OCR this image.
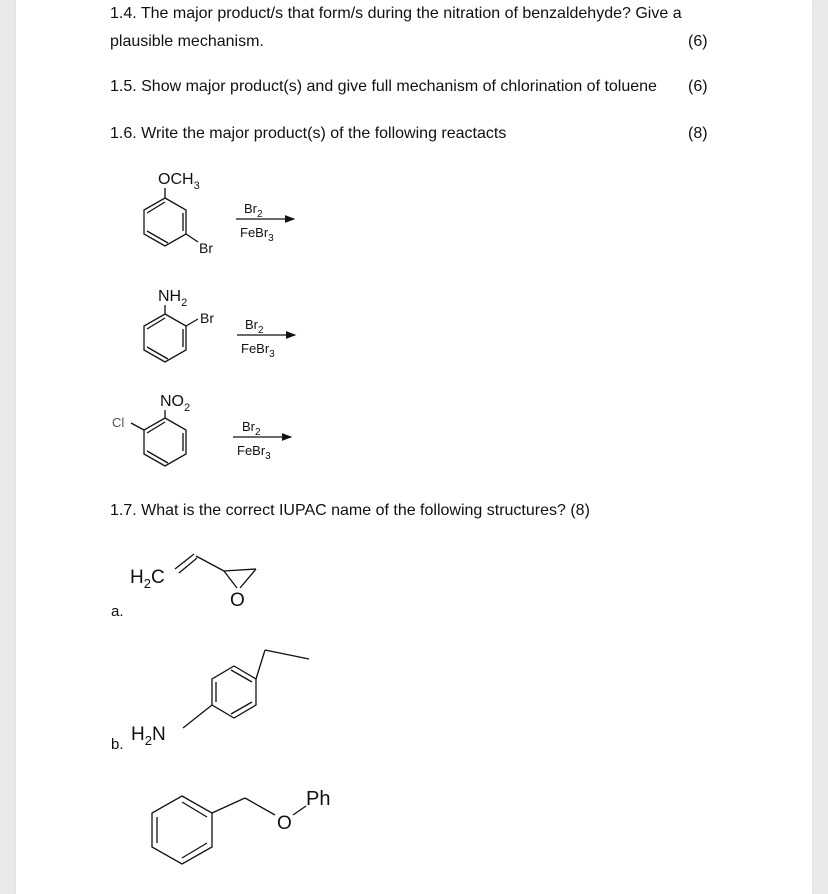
1.4. The major product/s that form/s during the nitration of benzaldehyde? Give a
plausible mechanism.	(6)
1.5. Show major product(s) and give full mechanism of chlorination of toluene (6)
1.6. Write the major product(s) of the following reactacts	(8)
1.7. What is the correct IUPAC name of the following structures? (8)
$OCH_3$
Br
$Br_2$
FeBr$_3$
$NH_2$
Br $Br_2$
FeBr$_3$
$NO_2$
Cl	$Br_2$
FeBr$_3$
$H_2C$
O
a.
$H_2N$
b.
O
Ph
